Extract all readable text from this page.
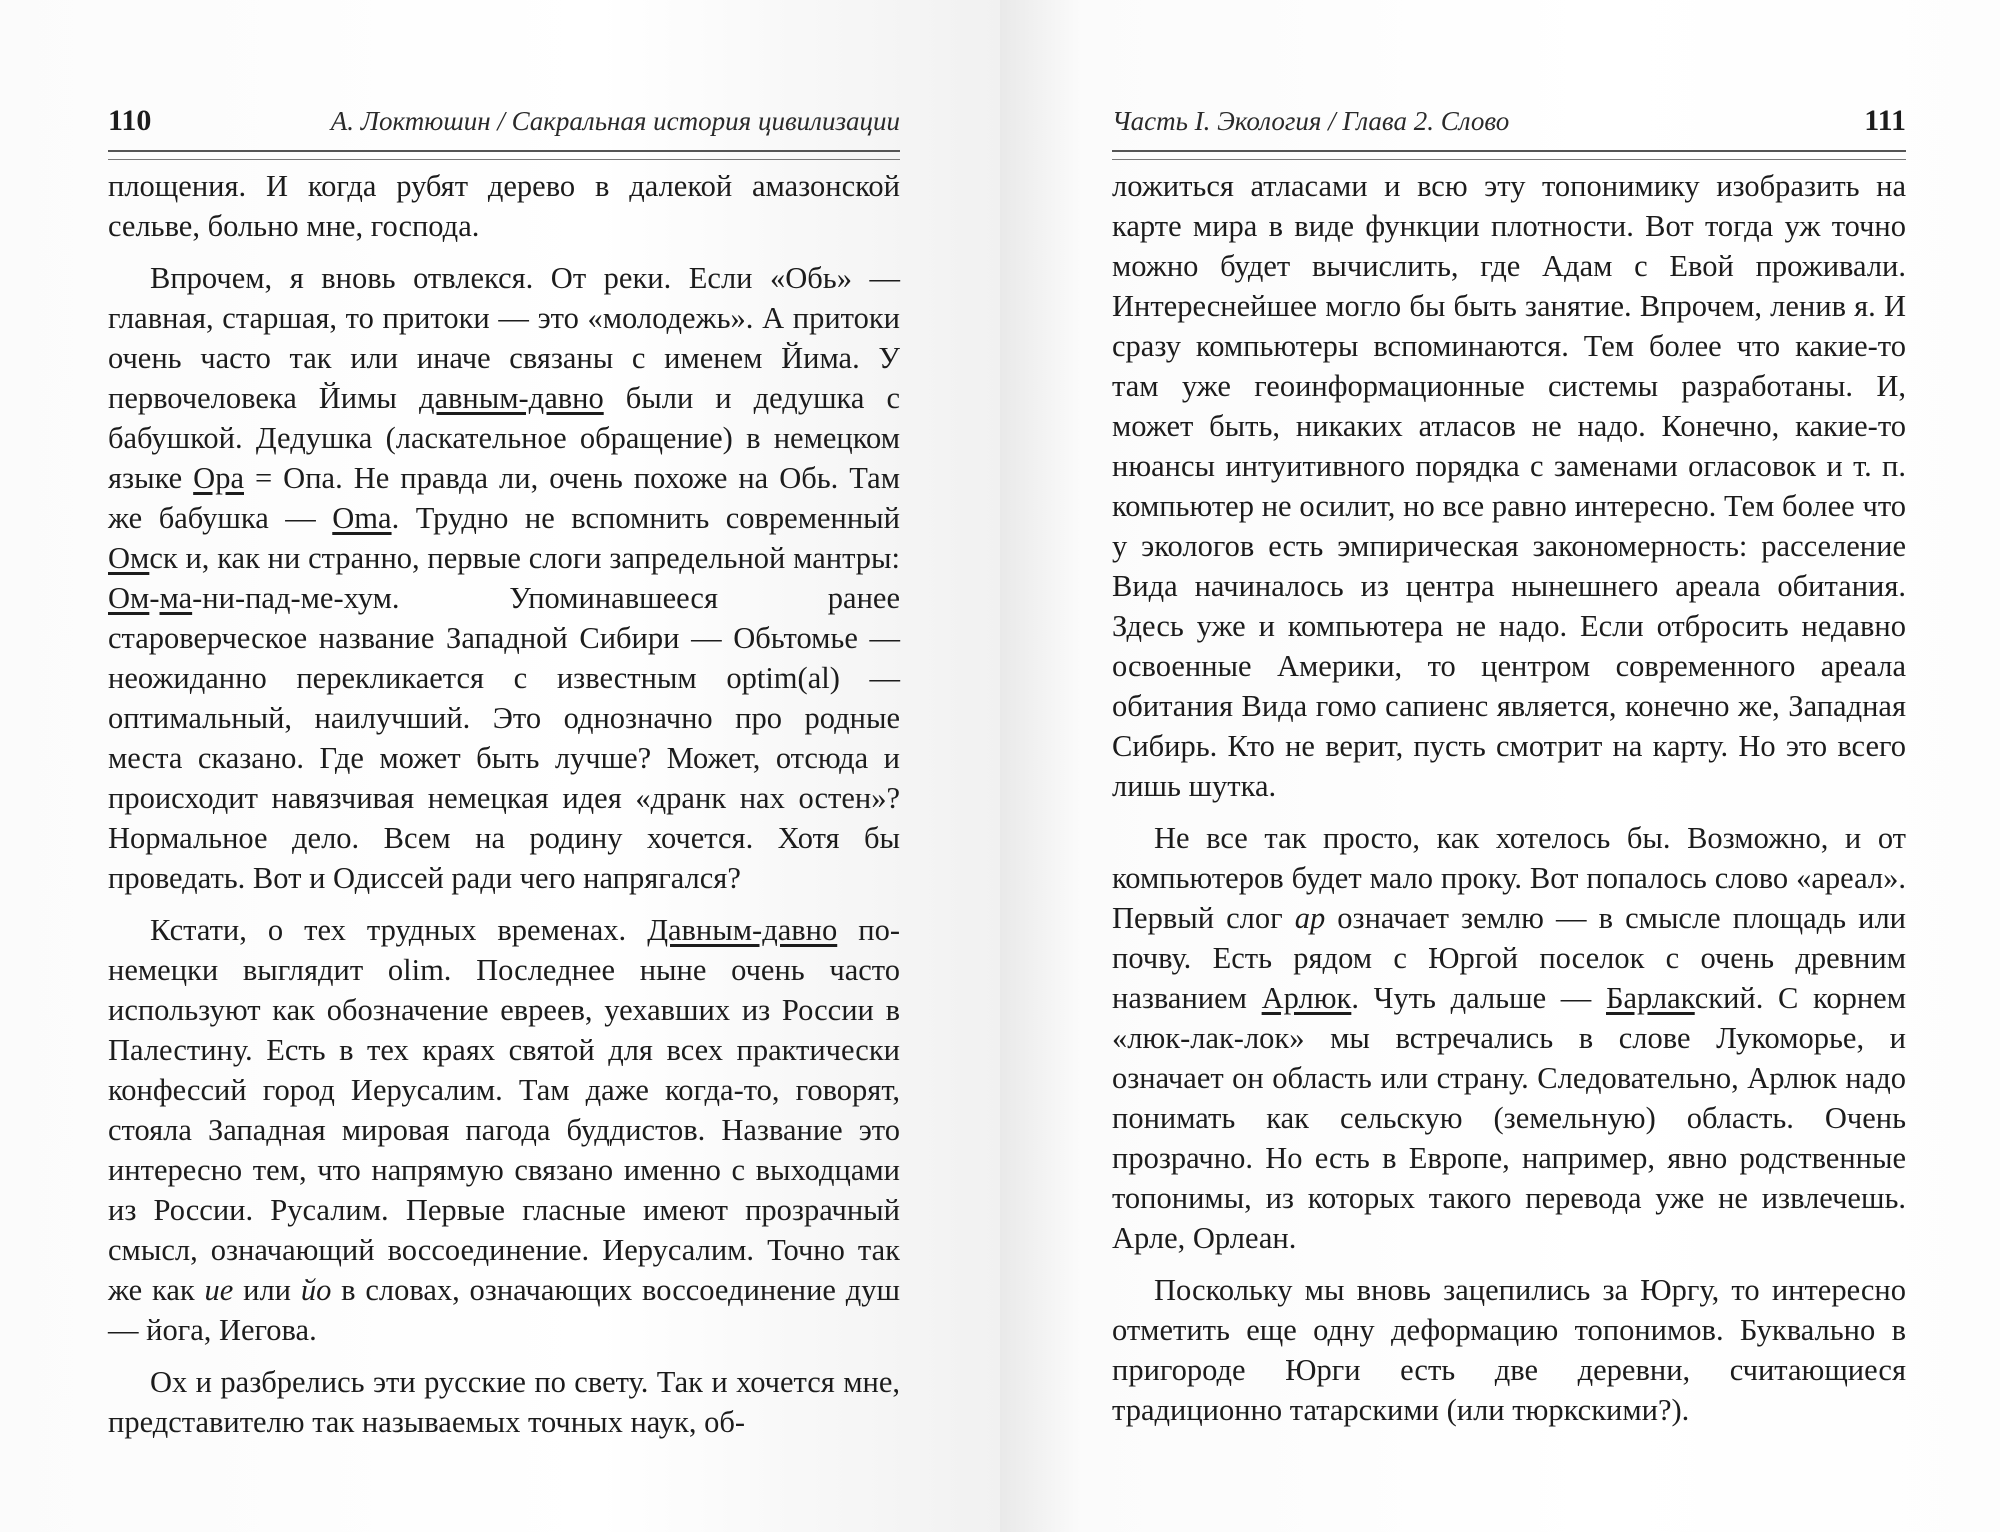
110	А. Локтюшин / Сакральная история цивилизации

площения. И когда рубят дерево в далекой амазонской сельве, больно мне, господа.

Впрочем, я вновь отвлекся. От реки. Если «Обь» — главная, старшая, то притоки — это «молодежь». А притоки очень часто так или иначе связаны с именем Йима. У первочеловека Йимы давным-давно были и дедушка с бабушкой. Дедушка (ласкательное обращение) в немецком языке Opa = Опа. Не правда ли, очень похоже на Обь. Там же бабушка — Oma. Трудно не вспомнить современный Омск и, как ни странно, первые слоги запредельной мантры: Ом-ма-ни-пад-ме-хум. Упоминавшееся ранее староверческое название Западной Сибири — Обьтомье — неожиданно перекликается с известным optim(al) — оптимальный, наилучший. Это однозначно про родные места сказано. Где может быть лучше? Может, отсюда и происходит навязчивая немецкая идея «дранк нах остен»? Нормальное дело. Всем на родину хочется. Хотя бы проведать. Вот и Одиссей ради чего напрягался?

Кстати, о тех трудных временах. Давным-давно по-немецки выглядит olim. Последнее ныне очень часто используют как обозначение евреев, уехавших из России в Палестину. Есть в тех краях святой для всех практически конфессий город Иерусалим. Там даже когда-то, говорят, стояла Западная мировая пагода буддистов. Название это интересно тем, что напрямую связано именно с выходцами из России. Русалим. Первые гласные имеют прозрачный смысл, означающий воссоединение. Иерусалим. Точно так же как ие или йо в словах, означающих воссоединение душ — йога, Иегова.

Ох и разбрелись эти русские по свету. Так и хочется мне, представителю так называемых точных наук, об-

Часть I. Экология / Глава 2. Слово	111

ложиться атласами и всю эту топонимику изобразить на карте мира в виде функции плотности. Вот тогда уж точно можно будет вычислить, где Адам с Евой проживали. Интереснейшее могло бы быть занятие. Впрочем, ленив я. И сразу компьютеры вспоминаются. Тем более что какие-то там уже геоинформационные системы разработаны. И, может быть, никаких атласов не надо. Конечно, какие-то нюансы интуитивного порядка с заменами огласовок и т. п. компьютер не осилит, но все равно интересно. Тем более что у экологов есть эмпирическая закономерность: расселение Вида начиналось из центра нынешнего ареала обитания. Здесь уже и компьютера не надо. Если отбросить недавно освоенные Америки, то центром современного ареала обитания Вида гомо сапиенс является, конечно же, Западная Сибирь. Кто не верит, пусть смотрит на карту. Но это всего лишь шутка.

Не все так просто, как хотелось бы. Возможно, и от компьютеров будет мало проку. Вот попалось слово «ареал». Первый слог ар означает землю — в смысле площадь или почву. Есть рядом с Юргой поселок с очень древним названием Арлюк. Чуть дальше — Барлакский. С корнем «люк-лак-лок» мы встречались в слове Лукоморье, и означает он область или страну. Следовательно, Арлюк надо понимать как сельскую (земельную) область. Очень прозрачно. Но есть в Европе, например, явно родственные топонимы, из которых такого перевода уже не извлечешь. Арле, Орлеан.

Поскольку мы вновь зацепились за Юргу, то интересно отметить еще одну деформацию топонимов. Буквально в пригороде Юрги есть две деревни, считающиеся традиционно татарскими (или тюркскими?).
